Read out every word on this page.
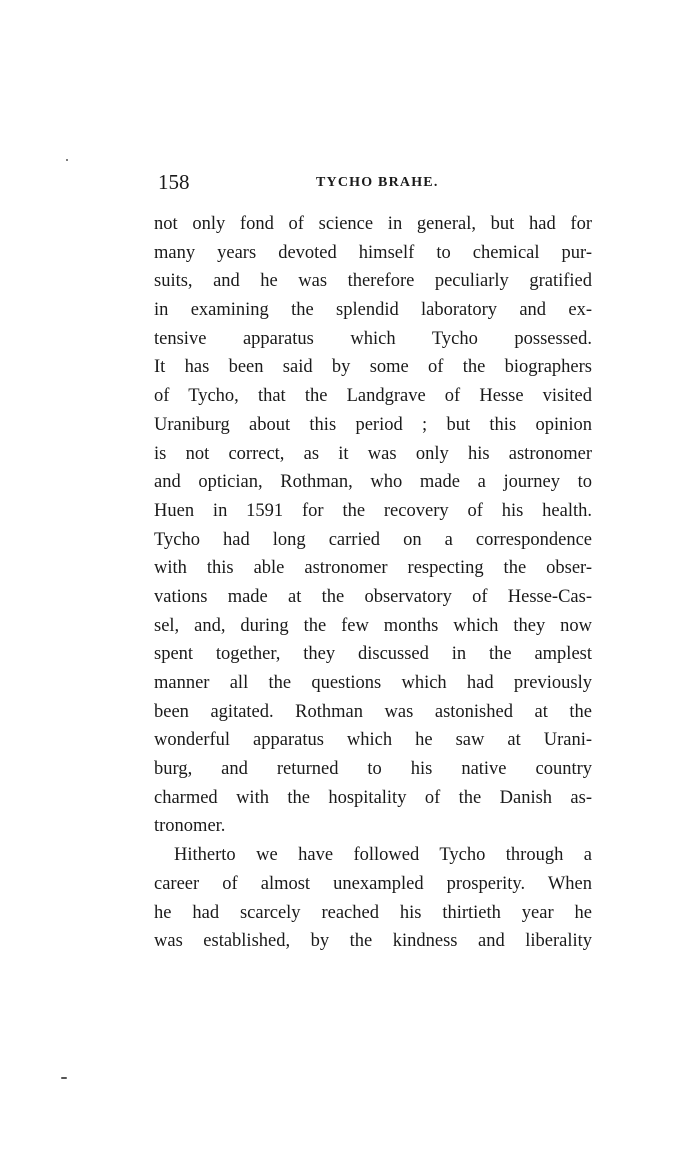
158	TYCHO BRAHE.
not only fond of science in general, but had for
many years devoted himself to chemical pur-
suits, and he was therefore peculiarly gratified
in examining the splendid laboratory and ex-
tensive apparatus which Tycho possessed.
It has been said by some of the biographers
of Tycho, that the Landgrave of Hesse visited
Uraniburg about this period ; but this opinion
is not correct, as it was only his astronomer
and optician, Rothman, who made a journey to
Huen in 1591 for the recovery of his health.
Tycho had long carried on a correspondence
with this able astronomer respecting the obser-
vations made at the observatory of Hesse-Cas-
sel, and, during the few months which they now
spent together, they discussed in the amplest
manner all the questions which had previously
been agitated. Rothman was astonished at the
wonderful apparatus which he saw at Urani-
burg, and returned to his native country
charmed with the hospitality of the Danish as-
tronomer.
Hitherto we have followed Tycho through a
career of almost unexampled prosperity. When
he had scarcely reached his thirtieth year he
was established, by the kindness and liberality
